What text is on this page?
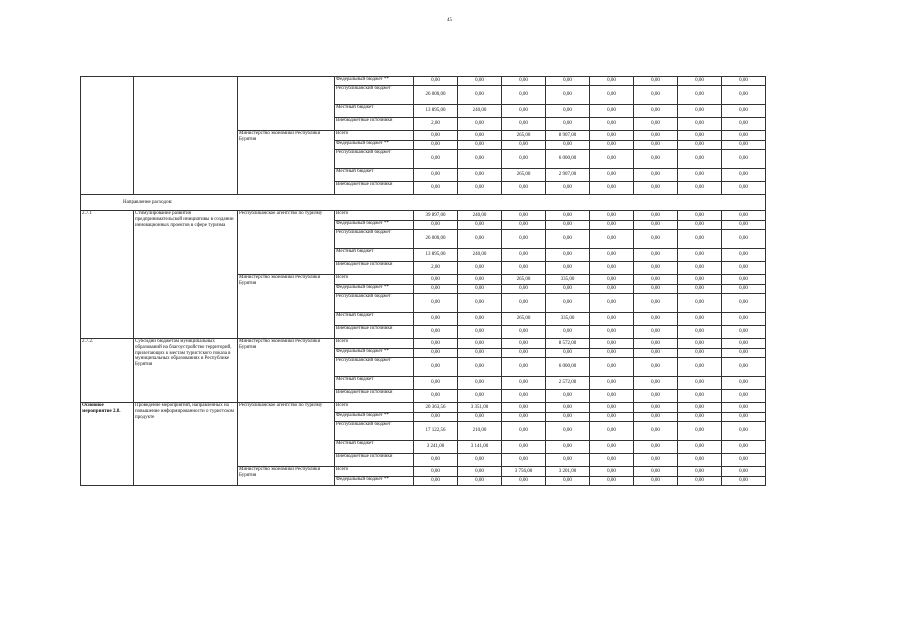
45
			Федеральный бюджет **	0,00	0,00	0,00	0,00	0,00	0,00	0,00	0,00
			Республиканский бюджет	26 000,00	0,00	0,00	0,00	0,00	0,00	0,00	0,00
			Местный бюджет	13 895,00	240,00	0,00	0,00	0,00	0,00	0,00	0,00
			Внебюджетные источники	2,00	0,00	0,00	0,00	0,00	0,00	0,00	0,00
		Министерство экономики Республики Бурятия	Всего	0,00	0,00	265,00	8 907,00	0,00	0,00	0,00	0,00
			Федеральный бюджет **	0,00	0,00	0,00	0,00	0,00	0,00	0,00	0,00
			Республиканский бюджет	0,00	0,00	0,00	6 000,00	0,00	0,00	0,00	0,00
			Местный бюджет	0,00	0,00	265,00	2 907,00	0,00	0,00	0,00	0,00
			Внебюджетные источники	0,00	0,00	0,00	0,00	0,00	0,00	0,00	0,00
Направление расходов:											
2.7.1	Стимулирование развития предпринимательской инициативы в создании инновационных проектов в сфере туризма	Республиканское агентство по туризму	Всего	39 897,00	240,00	0,00	0,00	0,00	0,00	0,00	0,00
			Федеральный бюджет **	0,00	0,00	0,00	0,00	0,00	0,00	0,00	0,00
			Республиканский бюджет	26 000,00	0,00	0,00	0,00	0,00	0,00	0,00	0,00
			Местный бюджет	13 895,00	240,00	0,00	0,00	0,00	0,00	0,00	0,00
			Внебюджетные источники	2,00	0,00	0,00	0,00	0,00	0,00	0,00	0,00
		Министерство экономики Республики Бурятия	Всего	0,00	0,00	265,00	335,00	0,00	0,00	0,00	0,00
			Федеральный бюджет **	0,00	0,00	0,00	0,00	0,00	0,00	0,00	0,00
			Республиканский бюджет	0,00	0,00	0,00	0,00	0,00	0,00	0,00	0,00
			Местный бюджет	0,00	0,00	265,00	335,00	0,00	0,00	0,00	0,00
			Внебюджетные источники	0,00	0,00	0,00	0,00	0,00	0,00	0,00	0,00
2.7.2.	Субсидии бюджетам муниципальных образований на благоустройство территорий, прилегающих к местам туристского показа в муниципальных образованиях в Республике Бурятия	Министерство экономики Республики Бурятия	Всего	0,00	0,00	0,00	8 572,00	0,00	0,00	0,00	0,00
			Федеральный бюджет **	0,00	0,00	0,00	0,00	0,00	0,00	0,00	0,00
			Республиканский бюджет	0,00	0,00	0,00	6 000,00	0,00	0,00	0,00	0,00
			Местный бюджет	0,00	0,00	0,00	2 572,00	0,00	0,00	0,00	0,00
			Внебюджетные источники	0,00	0,00	0,00	0,00	0,00	0,00	0,00	0,00
Основное мероприятие 2.8.	Проведение мероприятий, направленных на повышение информированности о туристском продукте	Республиканское агентство по туризму	Всего	20 363,56	3 351,00	0,00	0,00	0,00	0,00	0,00	0,00
			Федеральный бюджет **	0,00	0,00	0,00	0,00	0,00	0,00	0,00	0,00
			Республиканский бюджет	17 122,56	210,00	0,00	0,00	0,00	0,00	0,00	0,00
			Местный бюджет	3 241,00	3 141,00	0,00	0,00	0,00	0,00	0,00	0,00
			Внебюджетные источники	0,00	0,00	0,00	0,00	0,00	0,00	0,00	0,00
		Министерство экономики Республики Бурятия	Всего	0,00	0,00	3 756,00	3 201,00	0,00	0,00	0,00	0,00
			Федеральный бюджет **	0,00	0,00	0,00	0,00	0,00	0,00	0,00	0,00
